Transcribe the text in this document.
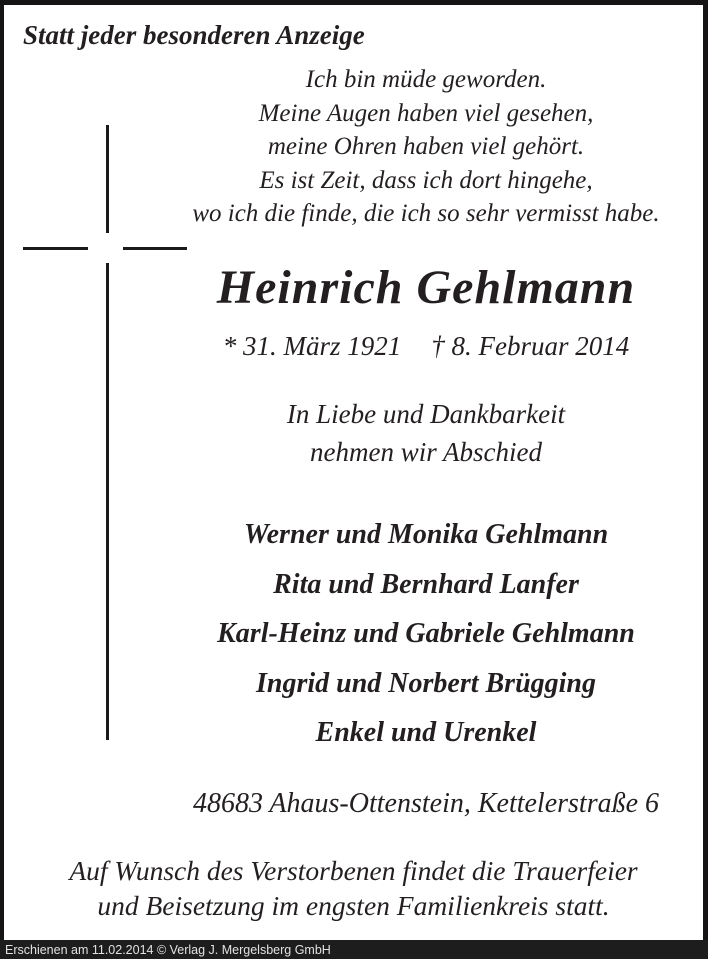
Statt jeder besonderen Anzeige
Ich bin müde geworden.
Meine Augen haben viel gesehen,
meine Ohren haben viel gehört.
Es ist Zeit, dass ich dort hingehe,
wo ich die finde, die ich so sehr vermisst habe.
Heinrich Gehlmann
* 31. März 1921 † 8. Februar 2014
In Liebe und Dankbarkeit
nehmen wir Abschied
Werner und Monika Gehlmann
Rita und Bernhard Lanfer
Karl-Heinz und Gabriele Gehlmann
Ingrid und Norbert Brügging
Enkel und Urenkel
48683 Ahaus-Ottenstein, Kettelerstraße 6
Auf Wunsch des Verstorbenen findet die Trauerfeier
und Beisetzung im engsten Familienkreis statt.
Erschienen am 11.02.2014 © Verlag J. Mergelsberg GmbH
